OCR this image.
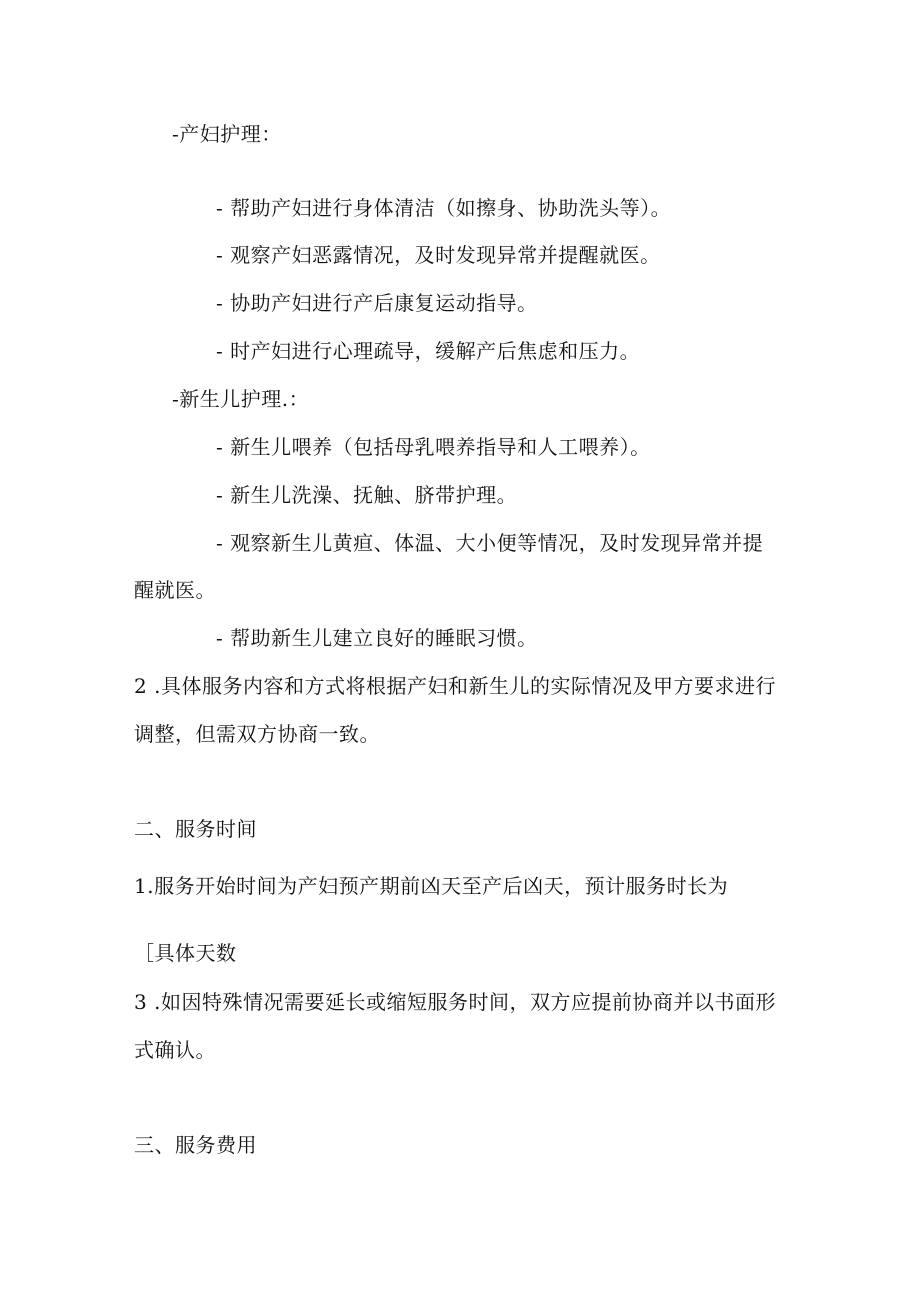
-产妇护理：
- 帮助产妇进行身体清洁（如擦身、协助洗头等）。
- 观察产妇恶露情况，及时发现异常并提醒就医。
- 协助产妇进行产后康复运动指导。
- 时产妇进行心理疏导，缓解产后焦虑和压力。
-新生儿护理.：
- 新生儿喂养（包括母乳喂养指导和人工喂养）。
- 新生儿洗澡、抚触、脐带护理。
- 观察新生儿黄疸、体温、大小便等情况，及时发现异常并提
醒就医。
- 帮助新生儿建立良好的睡眠习惯。
2 .具体服务内容和方式将根据产妇和新生儿的实际情况及甲方要求进行
调整，但需双方协商一致。
二、服务时间
1.服务开始时间为产妇预产期前凶天至产后凶天，预计服务时长为
［具体天数
3 .如因特殊情况需要延长或缩短服务时间，双方应提前协商并以书面形
式确认。
三、服务费用
